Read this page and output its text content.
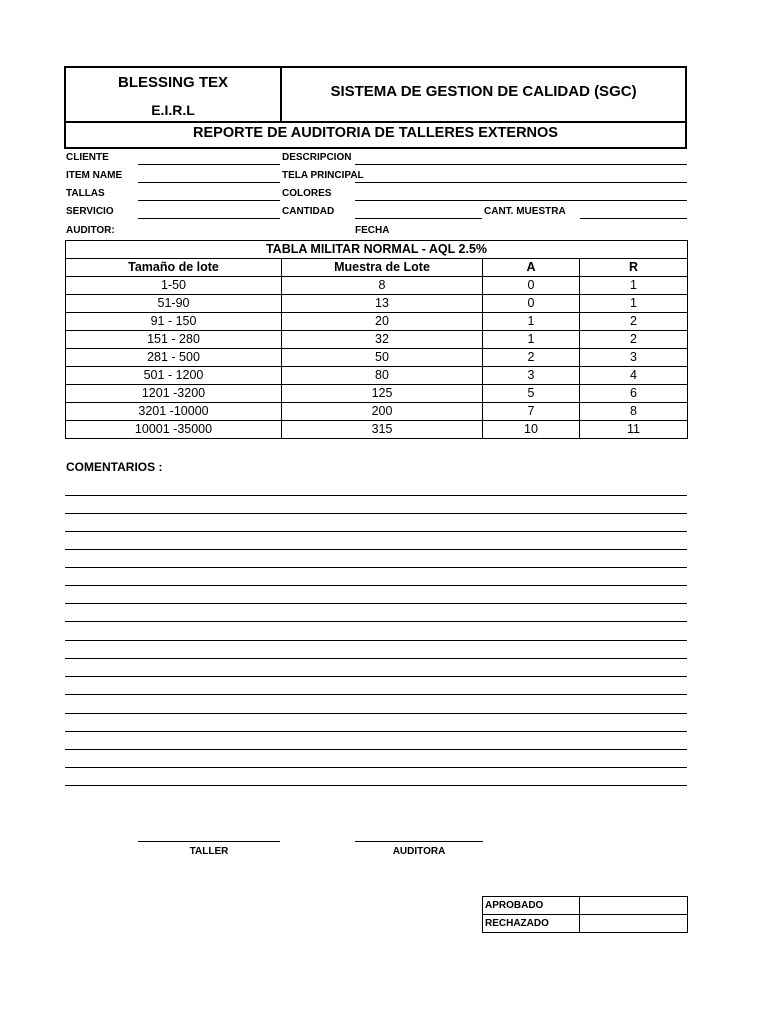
BLESSING TEX
E.I.R.L
SISTEMA DE GESTION DE CALIDAD (SGC)
REPORTE DE AUDITORIA DE TALLERES EXTERNOS
CLIENTE	DESCRIPCION
ITEM NAME	TELA PRINCIPAL
TALLAS	COLORES
SERVICIO	CANTIDAD	CANT. MUESTRA
AUDITOR:	FECHA
TABLA MILITAR NORMAL - AQL 2.5%			
Tamaño de lote	Muestra de Lote	A	R
1-50	8	0	1
51-90	13	0	1
91 - 150	20	1	2
151 - 280	32	1	2
281 - 500	50	2	3
501 - 1200	80	3	4
1201 -3200	125	5	6
3201 -10000	200	7	8
10001 -35000	315	10	11
COMENTARIOS :
TALLER	AUDITORA
APROBADO	
RECHAZADO	
